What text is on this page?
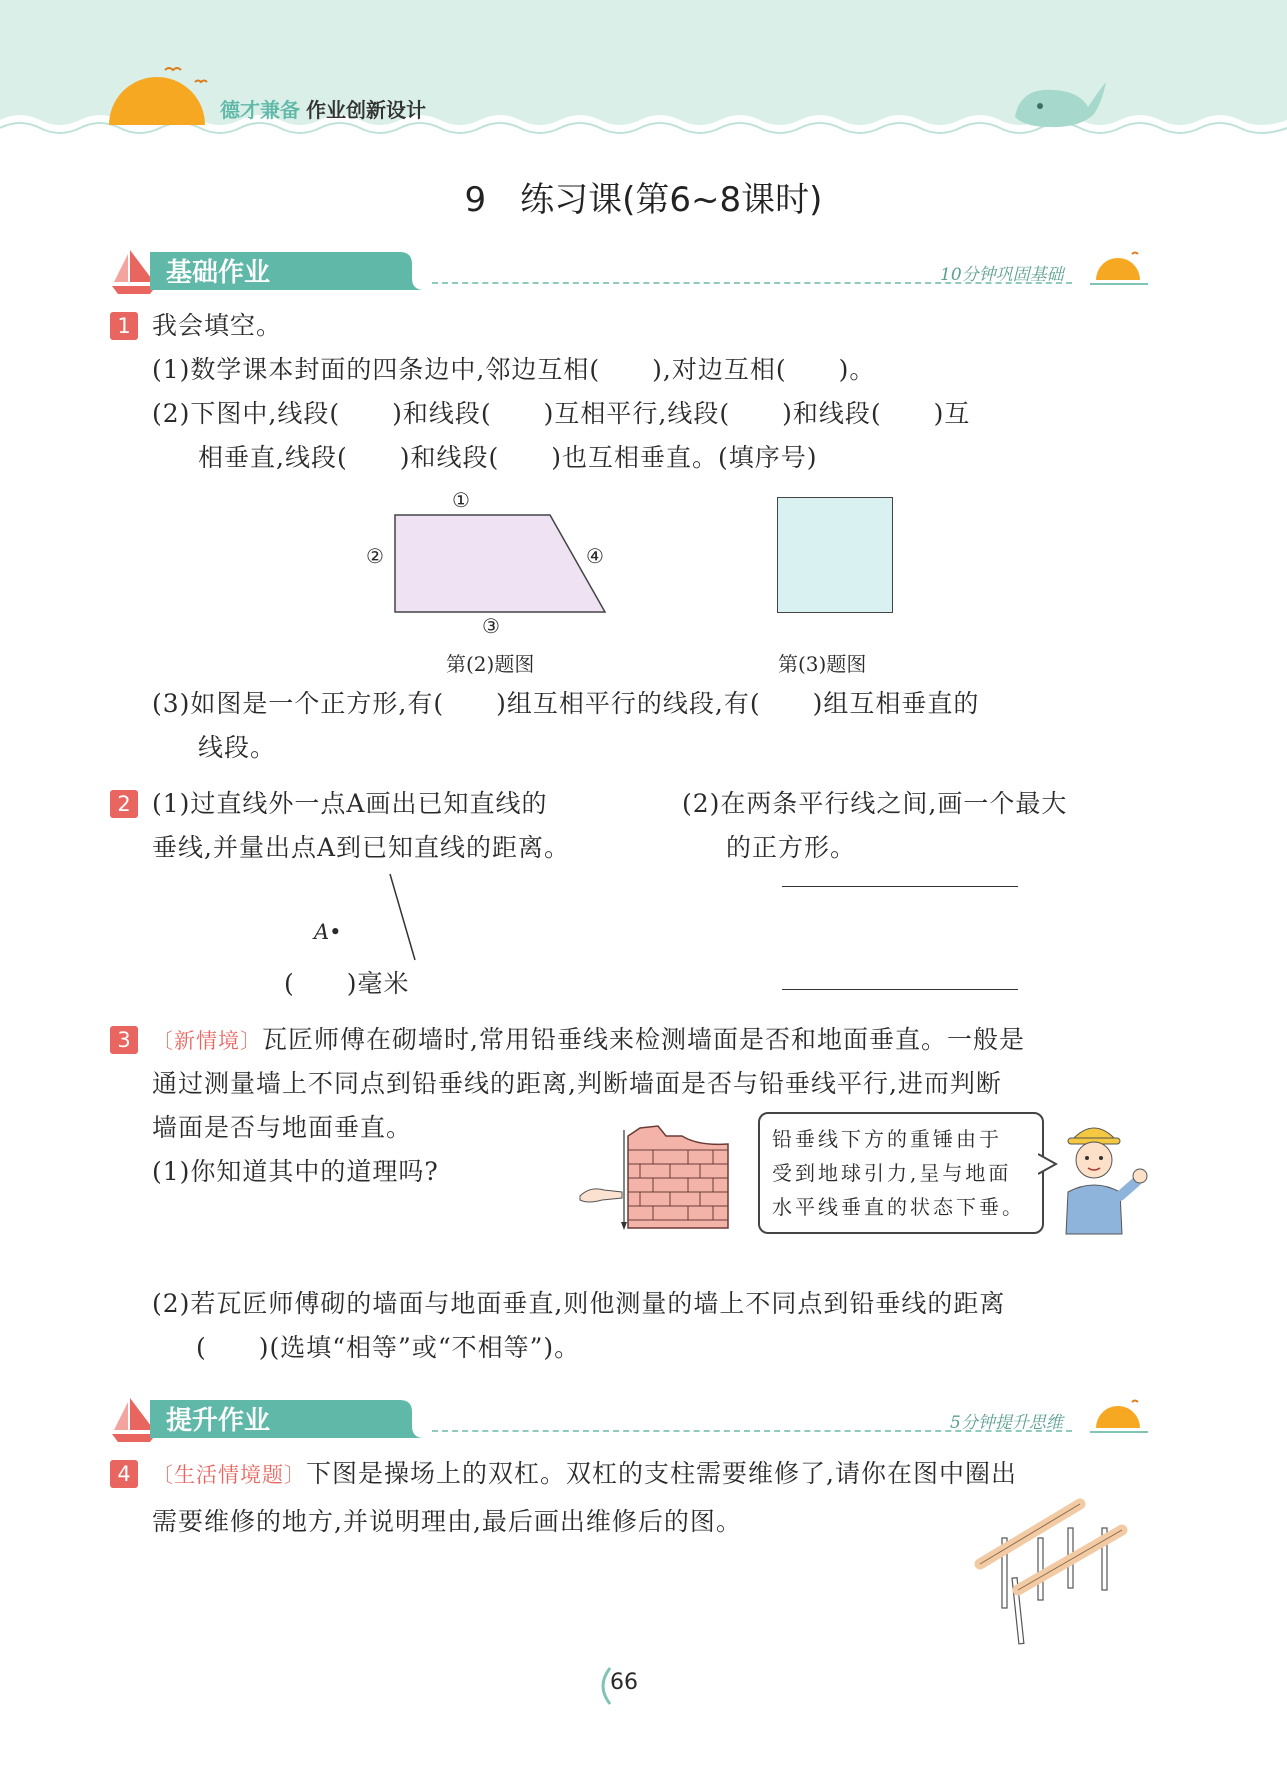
德才兼备 作业创新设计
9　练习课(第6~8课时)
基础作业	10分钟巩固基础
1 我会填空。
(1)数学课本封面的四条边中,邻边互相(　　),对边互相(　　)。
(2)下图中,线段(　　)和线段(　　)互相平行,线段(　　)和线段(　　)互
相垂直,线段(　　)和线段(　　)也互相垂直。(填序号)
①
②
③
④
第(2)题图	第(3)题图
(3)如图是一个正方形,有(　　)组互相平行的线段,有(　　)组互相垂直的
线段。
2 (1)过直线外一点A画出已知直线的
垂线,并量出点A到已知直线的距离。
A•
(　　)毫米
(2)在两条平行线之间,画一个最大
的正方形。
3	〔新情境〕瓦匠师傅在砌墙时,常用铅垂线来检测墙面是否和地面垂直。一般是
通过测量墙上不同点到铅垂线的距离,判断墙面是否与铅垂线平行,进而判断
墙面是否与地面垂直。
(1)你知道其中的道理吗?
铅垂线下方的重锤由于
受到地球引力,呈与地面
水平线垂直的状态下垂。
(2)若瓦匠师傅砌的墙面与地面垂直,则他测量的墙上不同点到铅垂线的距离
(　　)(选填“相等”或“不相等”)。
提升作业	5分钟提升思维
4	〔生活情境题〕下图是操场上的双杠。双杠的支柱需要维修了,请你在图中圈出
需要维修的地方,并说明理由,最后画出维修后的图。
66
